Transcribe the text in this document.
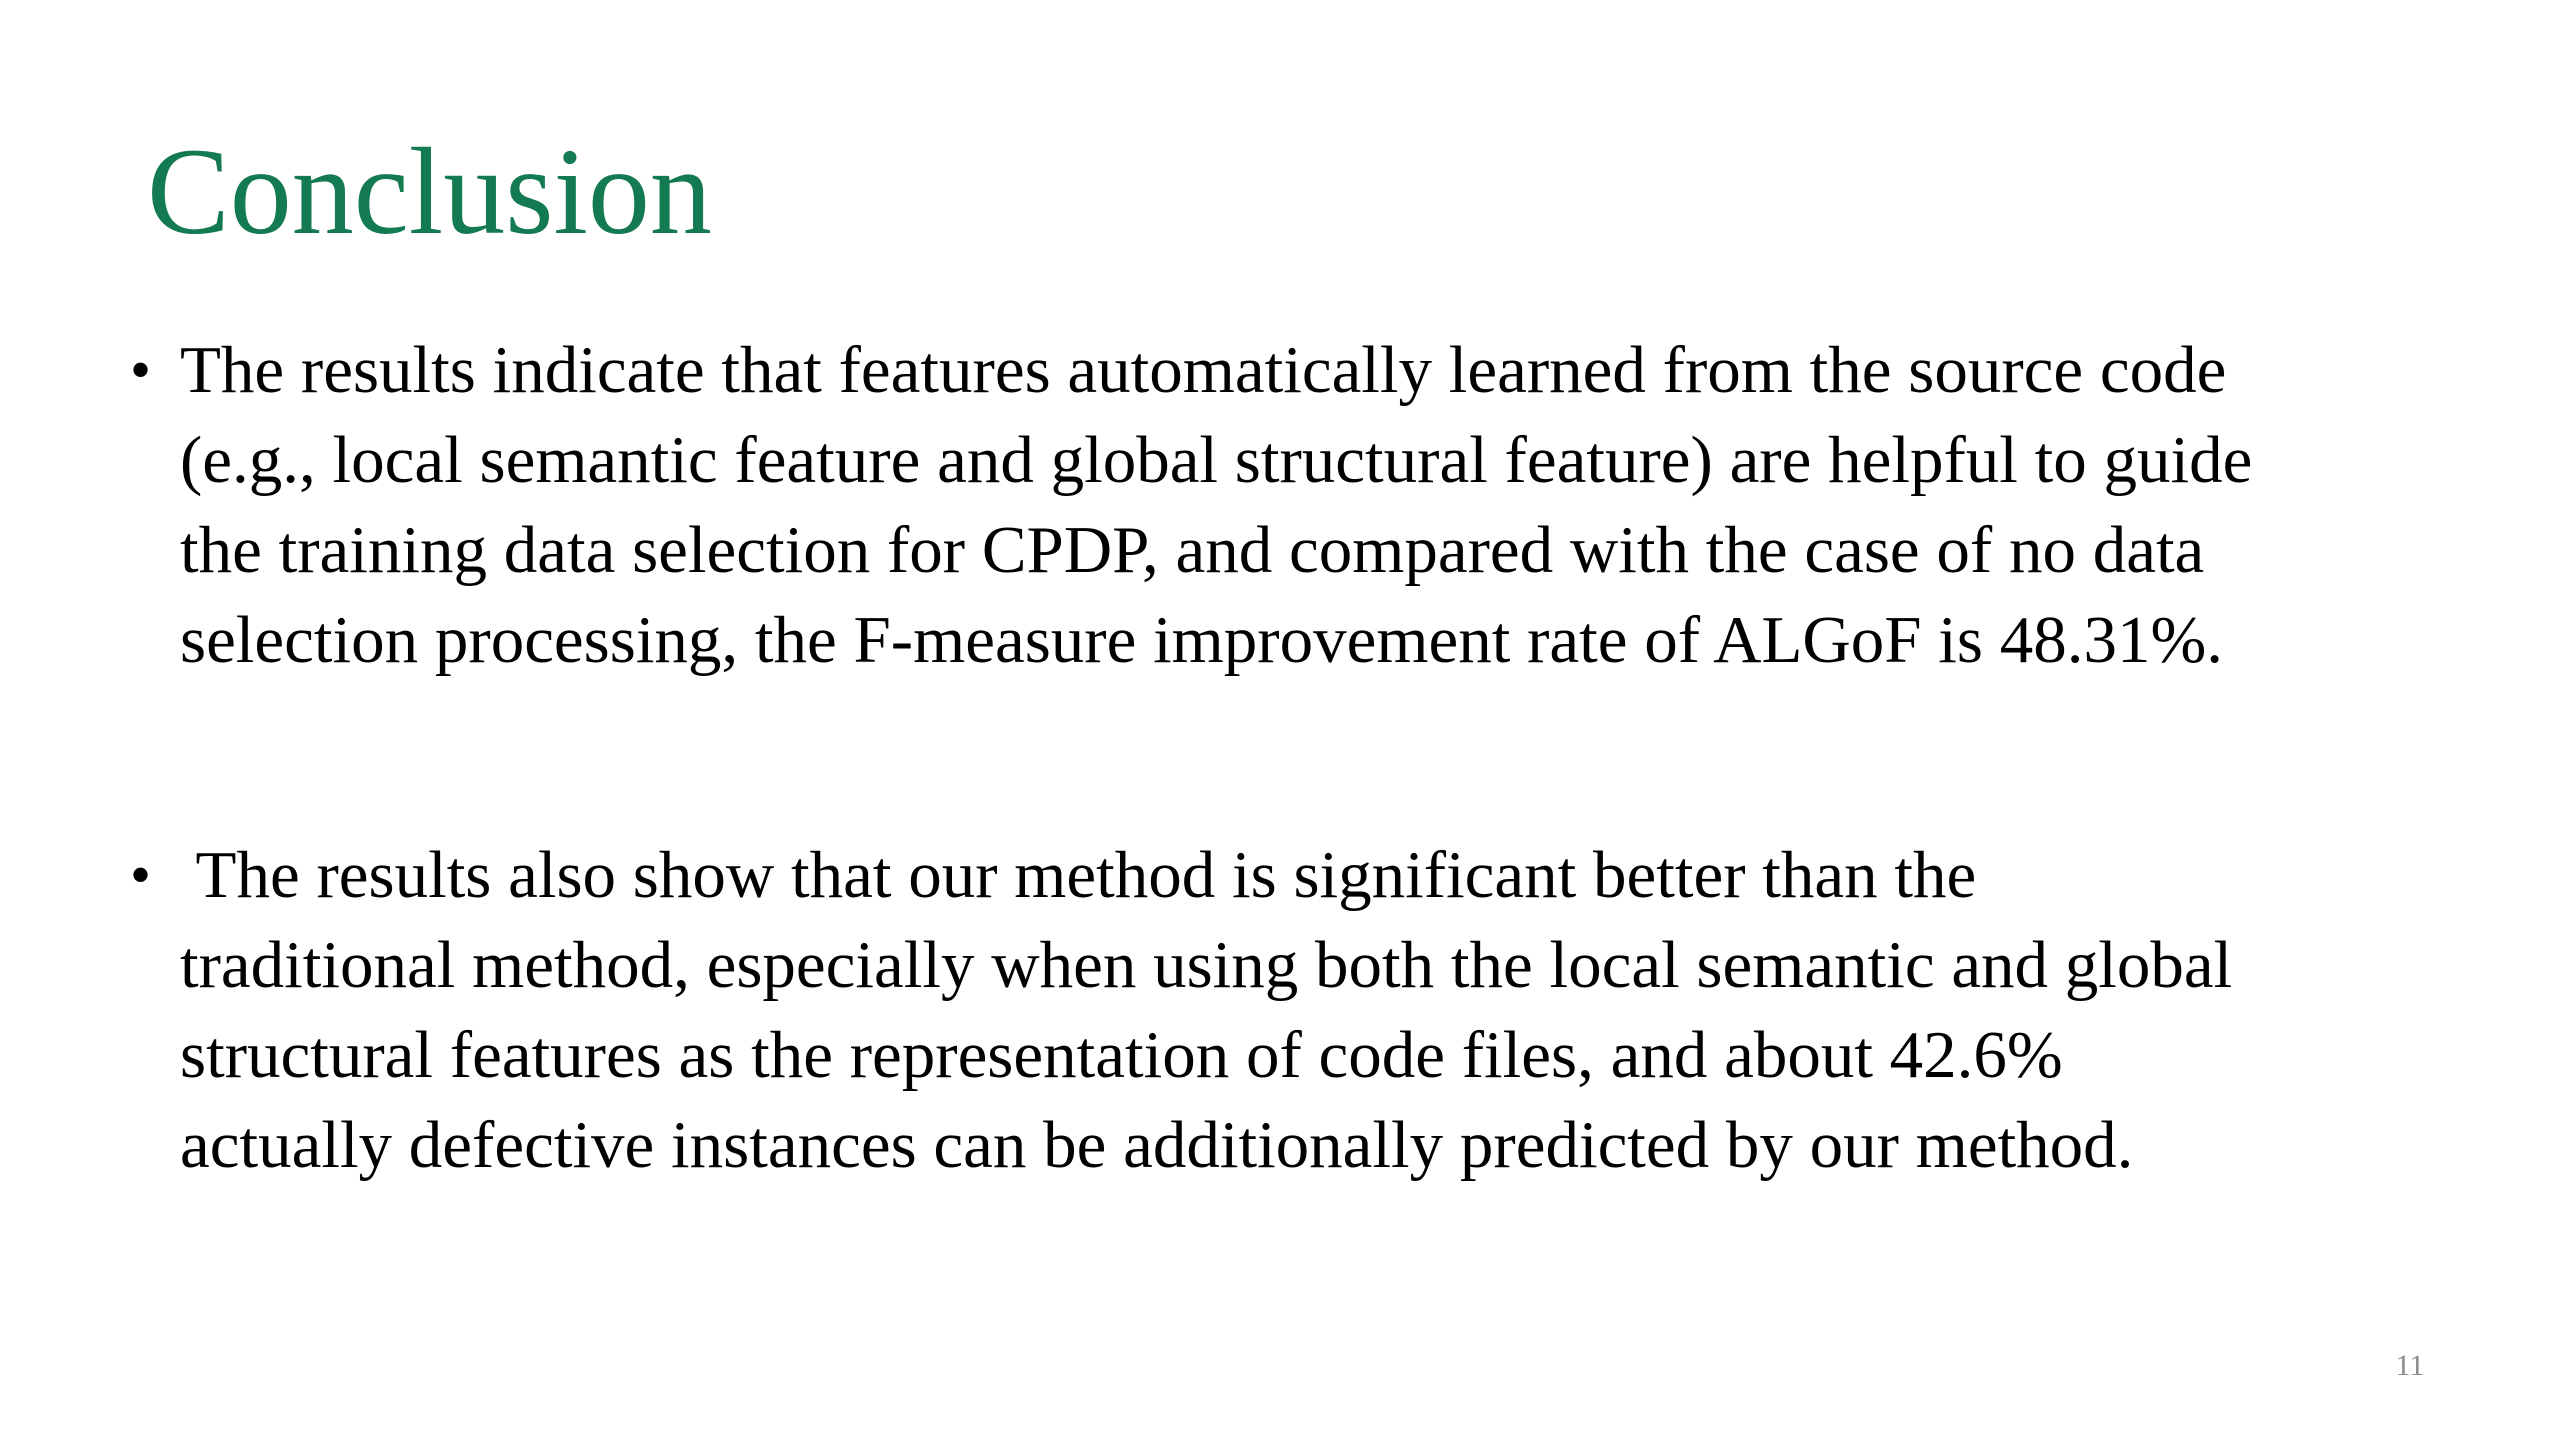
Conclusion
• The results indicate that features automatically learned from the source code
(e.g., local semantic feature and global structural feature) are helpful to guide
the training data selection for CPDP, and compared with the case of no data
selection processing, the F-measure improvement rate of ALGoF is 48.31%.
• The results also show that our method is significant better than the
traditional method, especially when using both the local semantic and global
structural features as the representation of code files, and about 42.6%
actually defective instances can be additionally predicted by our method.
11
